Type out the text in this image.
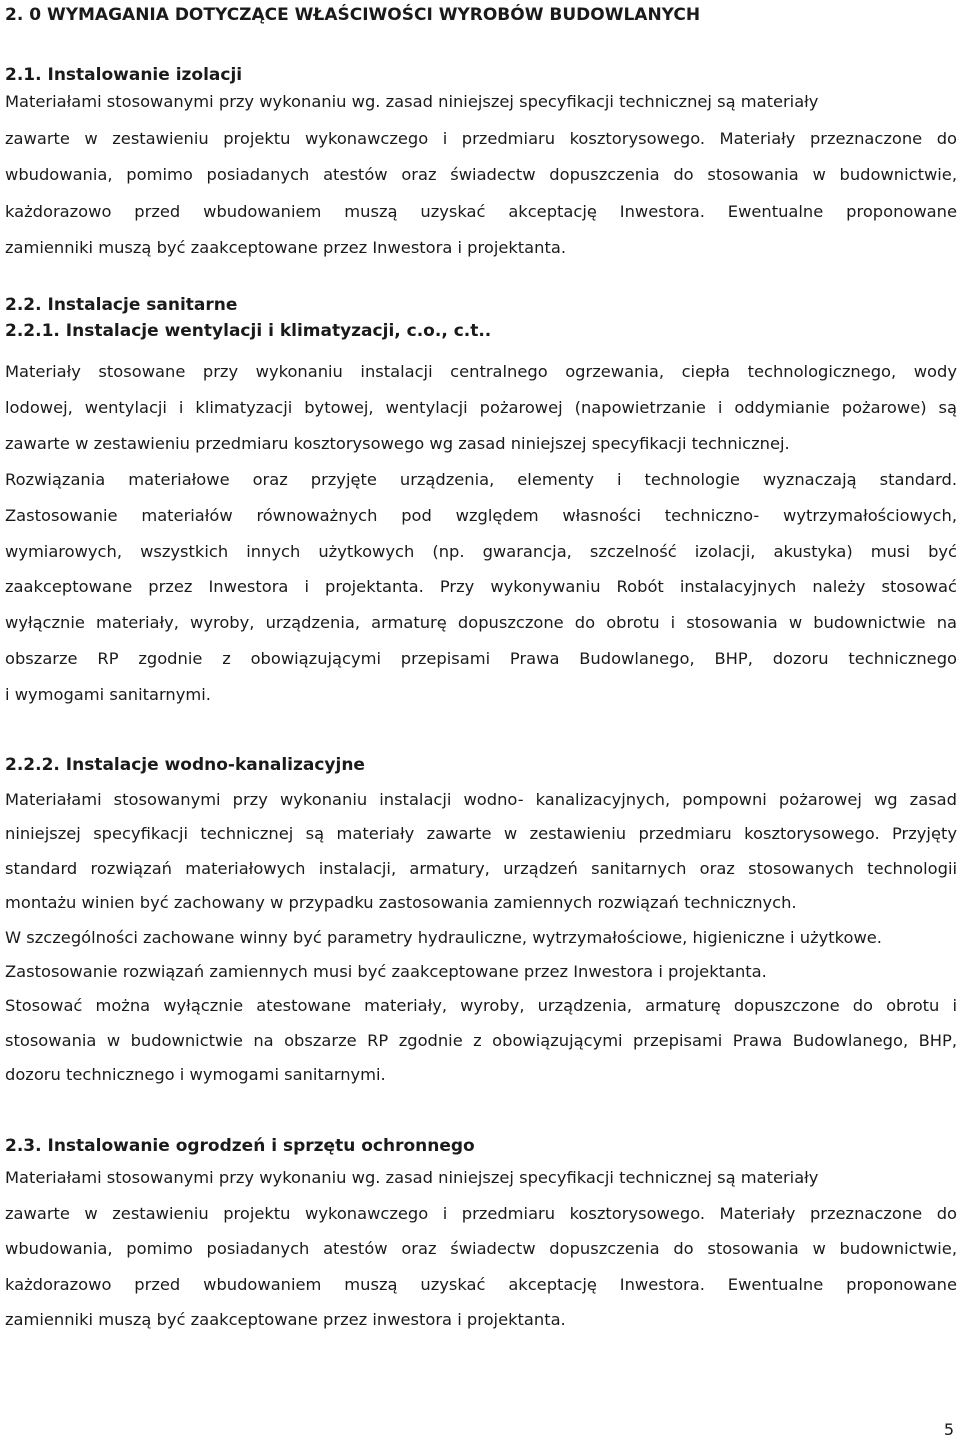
2. 0 WYMAGANIA DOTYCZĄCE WŁAŚCIWOŚCI WYROBÓW BUDOWLANYCH
2.1. Instalowanie izolacji
Materiałami stosowanymi przy wykonaniu wg. zasad niniejszej specyfikacji technicznej są materiały
zawarte w zestawieniu projektu wykonawczego i przedmiaru kosztorysowego. Materiały przeznaczone do
wbudowania, pomimo posiadanych atestów oraz świadectw dopuszczenia do stosowania w budownictwie,
każdorazowo przed wbudowaniem muszą uzyskać akceptację Inwestora. Ewentualne proponowane
zamienniki muszą być zaakceptowane przez Inwestora i projektanta.
2.2. Instalacje sanitarne
2.2.1. Instalacje wentylacji i klimatyzacji, c.o., c.t..
Materiały stosowane przy wykonaniu instalacji centralnego ogrzewania, ciepła technologicznego, wody
lodowej, wentylacji i klimatyzacji bytowej, wentylacji pożarowej (napowietrzanie i oddymianie pożarowe) są
zawarte w zestawieniu przedmiaru kosztorysowego wg zasad niniejszej specyfikacji technicznej.
Rozwiązania materiałowe oraz przyjęte urządzenia, elementy i technologie wyznaczają standard.
Zastosowanie materiałów równoważnych pod względem własności techniczno- wytrzymałościowych,
wymiarowych, wszystkich innych użytkowych (np. gwarancja, szczelność izolacji, akustyka) musi być
zaakceptowane przez Inwestora i projektanta. Przy wykonywaniu Robót instalacyjnych należy stosować
wyłącznie materiały, wyroby, urządzenia, armaturę dopuszczone do obrotu i stosowania w budownictwie na
obszarze RP zgodnie z obowiązującymi przepisami Prawa Budowlanego, BHP, dozoru technicznego
i wymogami sanitarnymi.
2.2.2. Instalacje wodno-kanalizacyjne
Materiałami stosowanymi przy wykonaniu instalacji wodno- kanalizacyjnych, pompowni pożarowej wg zasad
niniejszej specyfikacji technicznej są materiały zawarte w zestawieniu przedmiaru kosztorysowego. Przyjęty
standard rozwiązań materiałowych instalacji, armatury, urządzeń sanitarnych oraz stosowanych technologii
montażu winien być zachowany w przypadku zastosowania zamiennych rozwiązań technicznych.
W szczególności zachowane winny być parametry hydrauliczne, wytrzymałościowe, higieniczne i użytkowe.
Zastosowanie rozwiązań zamiennych musi być zaakceptowane przez Inwestora i projektanta.
Stosować można wyłącznie atestowane materiały, wyroby, urządzenia, armaturę dopuszczone do obrotu i
stosowania w budownictwie na obszarze RP zgodnie z obowiązującymi przepisami Prawa Budowlanego, BHP,
dozoru technicznego i wymogami sanitarnymi.
2.3. Instalowanie ogrodzeń i sprzętu ochronnego
Materiałami stosowanymi przy wykonaniu wg. zasad niniejszej specyfikacji technicznej są materiały
zawarte w zestawieniu projektu wykonawczego i przedmiaru kosztorysowego. Materiały przeznaczone do
wbudowania, pomimo posiadanych atestów oraz świadectw dopuszczenia do stosowania w budownictwie,
każdorazowo przed wbudowaniem muszą uzyskać akceptację Inwestora. Ewentualne proponowane
zamienniki muszą być zaakceptowane przez inwestora i projektanta.
5
